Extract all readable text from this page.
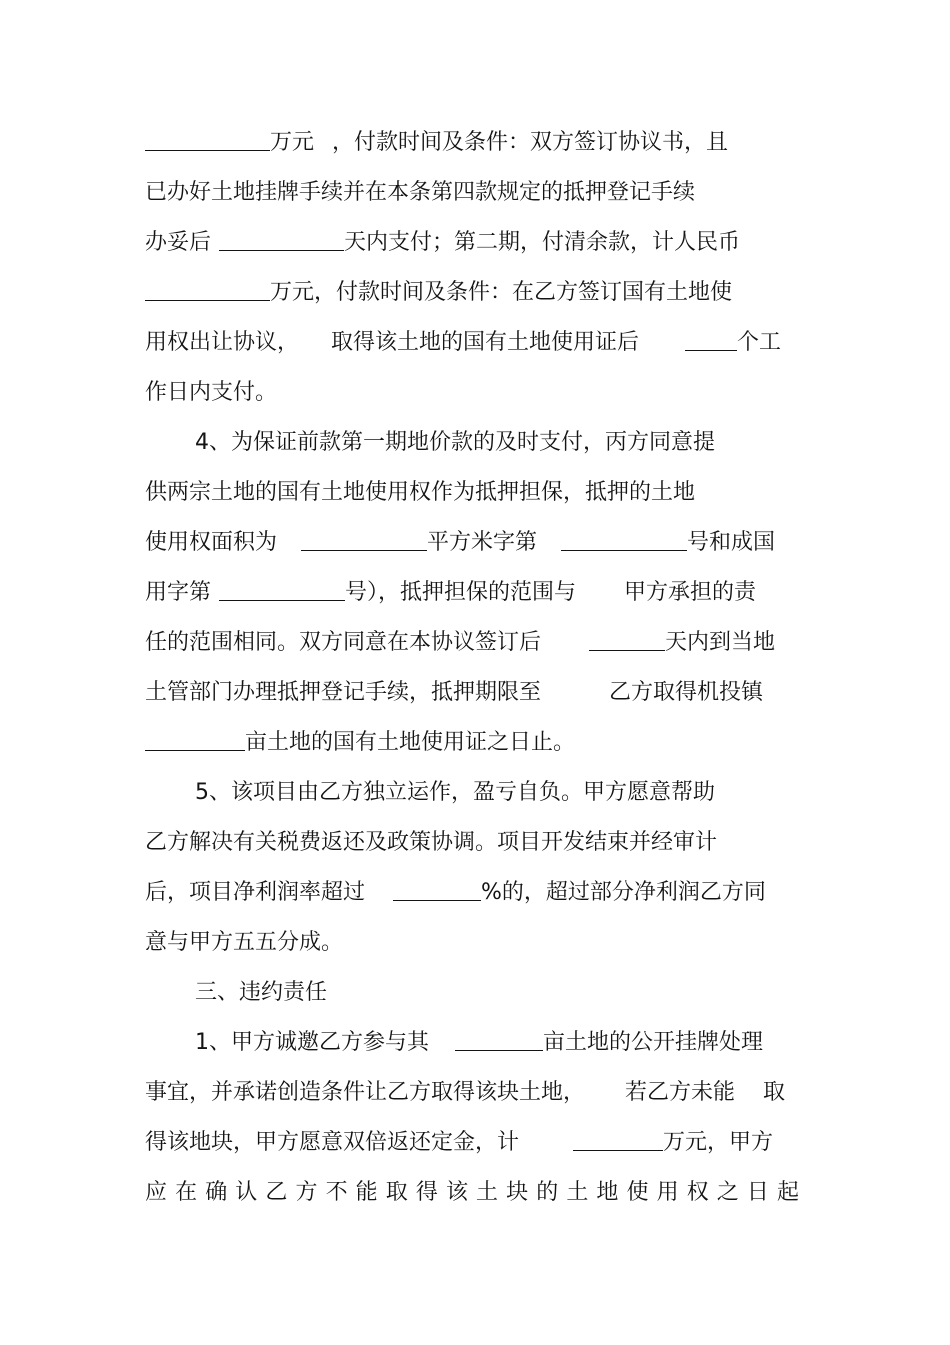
万元 ，付款时间及条件：双方签订协议书，且
已办好土地挂牌手续并在本条第四款规定的抵押登记手续
办妥后	天内支付；第二期，付清余款，计人民币
万元，付款时间及条件：在乙方签订国有土地使
用权出让协议， 取得该土地的国有土地使用证后	个工
作日内支付。
4、为保证前款第一期地价款的及时支付，丙方同意提
供两宗土地的国有土地使用权作为抵押担保，抵押的土地
使用权面积为	平方米字第	号和成国
用字第	号），抵押担保的范围与 甲方承担的责
任的范围相同。双方同意在本协议签订后	天内到当地
土管部门办理抵押登记手续，抵押期限至	乙方取得机投镇
亩土地的国有土地使用证之日止。
5、该项目由乙方独立运作，盈亏自负。甲方愿意帮助
乙方解决有关税费返还及政策协调。项目开发结束并经审计
后，项目净利润率超过	%的，超过部分净利润乙方同
意与甲方五五分成。
三、违约责任
1、甲方诚邀乙方参与其	亩土地的公开挂牌处理
事宜，并承诺创造条件让乙方取得该块土地， 若乙方未能 取
得该地块，甲方愿意双倍返还定金，计	万元，甲方
应在确认乙方不能取得该土块的土地使用权之日起
